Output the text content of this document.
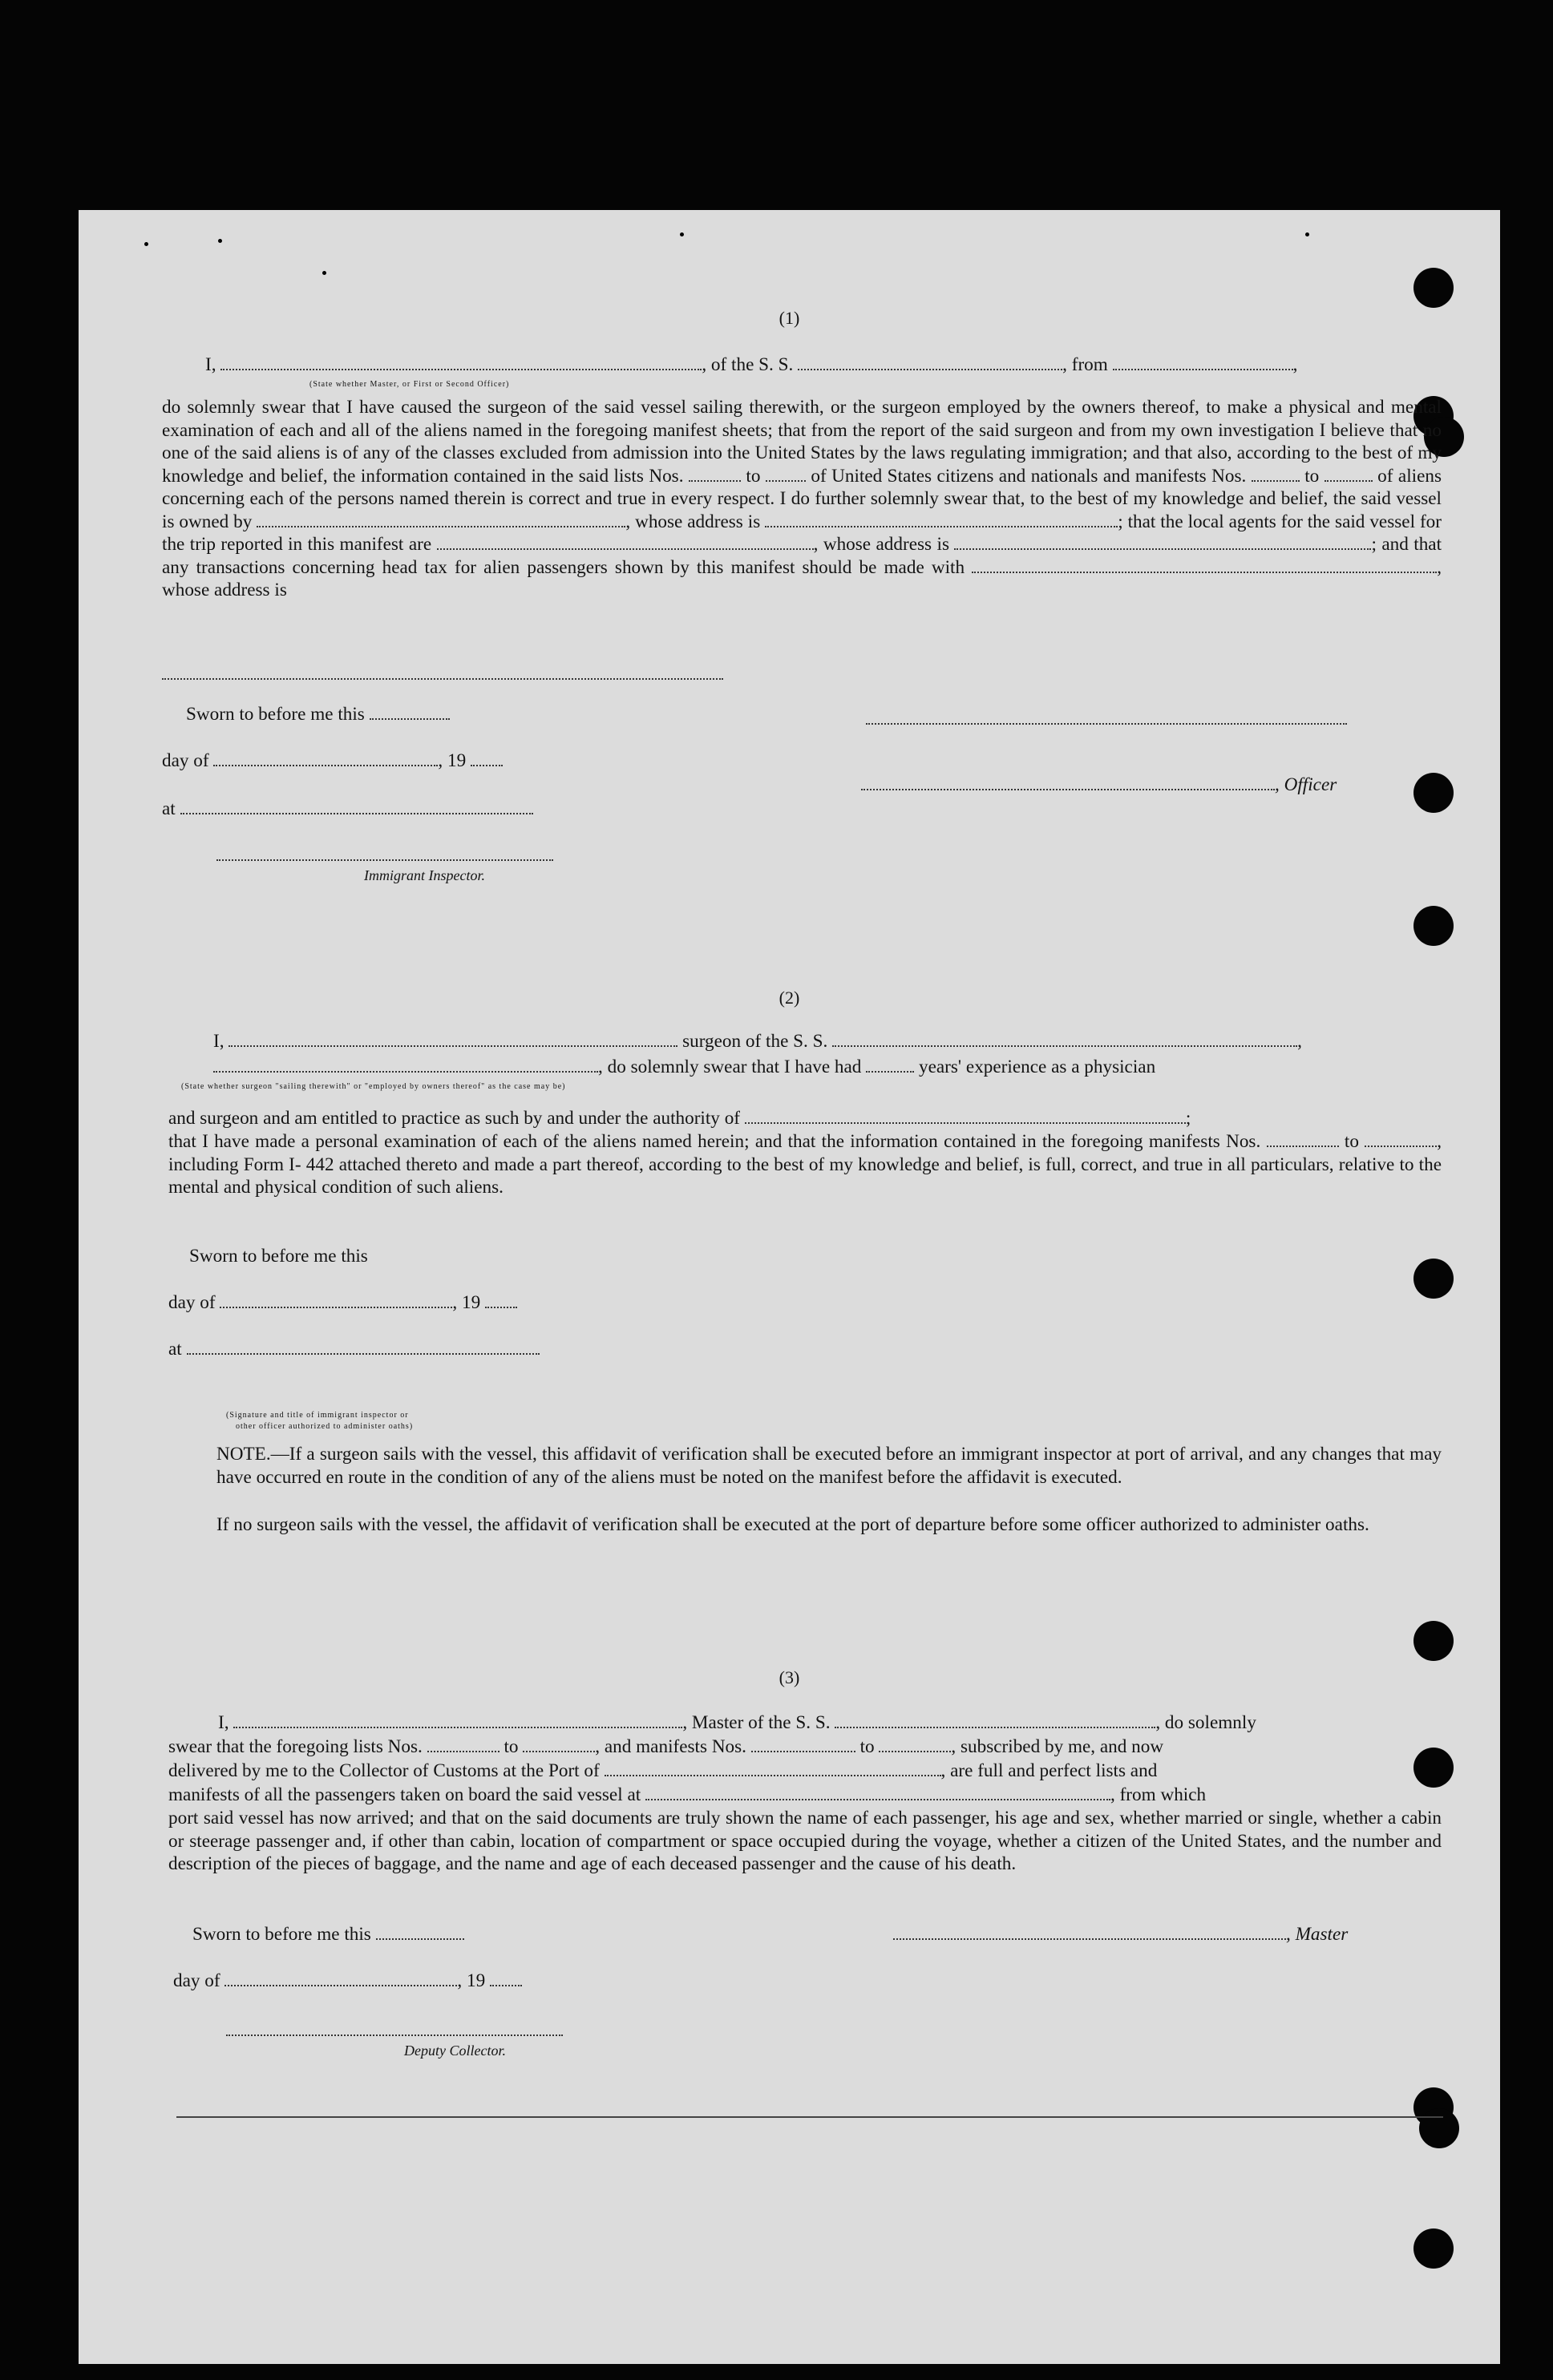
(1)
I,	, of the S. S.	, from	,
(State whether Master, or First or Second Officer)
do solemnly swear that I have caused the surgeon of the said vessel sailing therewith, or the surgeon employed by the owners thereof, to make a physical and mental examination of each and all of the aliens named in the foregoing manifest sheets; that from the report of the said surgeon and from my own investigation I believe that no one of the said aliens is of any of the classes excluded from admission into the United States by the laws regulating immigration; and that also, according to the best of my knowledge and belief, the information contained in the said lists Nos.	to	of United States citizens and nationals and manifests Nos.	to	of aliens concerning each of the persons named therein is correct and true in every respect. I do further solemnly swear that, to the best of my knowledge and belief, the said vessel is owned by	, whose address is	; that the local agents for the said vessel for the trip reported in this manifest are	, whose address is	; and that any transactions concerning head tax for alien passengers shown by this manifest should be made with	, whose address is
Sworn to before me this
day of	, 19
, Officer
at
Immigrant Inspector.
(2)
I,	surgeon of the S. S.	,
, do solemnly swear that I have had	years' experience as a physician
(State whether surgeon "sailing therewith" or "employed by owners thereof" as the case may be)
and surgeon and am entitled to practice as such by and under the authority of	;
that I have made a personal examination of each of the aliens named herein; and that the information contained in the foregoing manifests Nos.	to	, including Form I- 442 attached thereto and made a part thereof, according to the best of my knowledge and belief, is full, correct, and true in all particulars, relative to the mental and physical condition of such aliens.
Sworn to before me this
day of	, 19
at
(Signature and title of immigrant inspector or
other officer authorized to administer oaths)
NOTE.—If a surgeon sails with the vessel, this affidavit of verification shall be executed before an immigrant inspector at port of arrival, and any changes that may have occurred en route in the condition of any of the aliens must be noted on the manifest before the affidavit is executed.
If no surgeon sails with the vessel, the affidavit of verification shall be executed at the port of departure before some officer authorized to administer oaths.
(3)
I,	, Master of the S. S.	, do solemnly
swear that the foregoing lists Nos.	to	, and manifests Nos.	to	, subscribed by me, and now
delivered by me to the Collector of Customs at the Port of	, are full and perfect lists and
manifests of all the passengers taken on board the said vessel at	, from which
port said vessel has now arrived; and that on the said documents are truly shown the name of each passenger, his age and sex, whether married or single, whether a cabin or steerage passenger and, if other than cabin, location of compartment or space occupied during the voyage, whether a citizen of the United States, and the number and description of the pieces of baggage, and the name and age of each deceased passenger and the cause of his death.
Sworn to before me this	, Master
day of	, 19
Deputy Collector.
